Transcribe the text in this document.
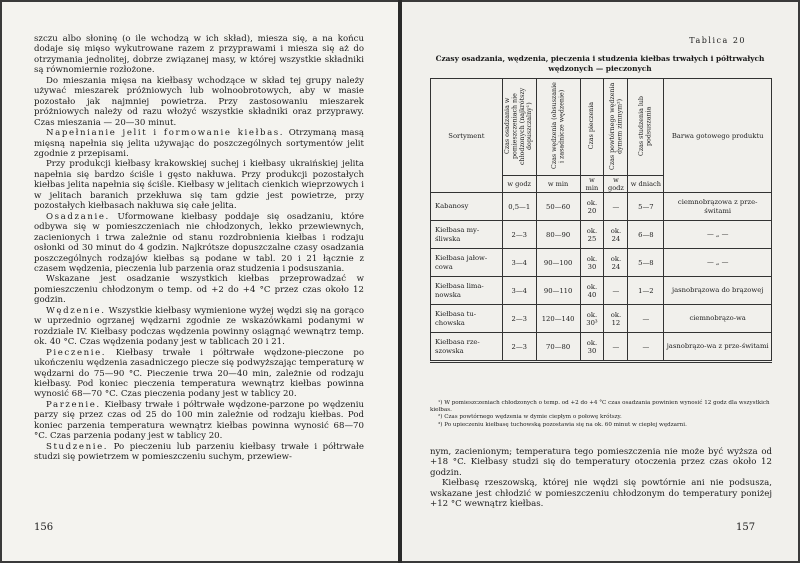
szczu albo słoninę (o ile wchodzą w ich skład), miesza się, a na końcu dodaje się mięso wykutrowane razem z przyprawami i miesza się aż do otrzymania jednolitej, dobrze związanej masy, w której wszystkie składniki są równomiernie rozłożone.

Do mieszania mięsa na kiełbasy wchodzące w skład tej grupy należy używać mieszarek próżniowych lub wolnoobrotowych, aby w masie pozostało jak najmniej powietrza. Przy zastosowaniu mieszarek próżniowych należy od razu włożyć wszystkie składniki oraz przyprawy. Czas mieszania — 20—30 minut.

Napełnianie jelit i formowanie kiełbas. Otrzymaną masą mięsną napełnia się jelita używając do poszczególnych sortymentów jelit zgodnie z przepisami.

Przy produkcji kiełbasy krakowskiej suchej i kiełbasy ukraińskiej jelita napełnia się bardzo ściśle i gęsto nakłuwa. Przy produkcji pozostałych kiełbas jelita napełnia się ściśle. Kiełbasy w jelitach cienkich wieprzowych i w jelitach baranich przekłuwa się tam gdzie jest powietrze, przy pozostałych kiełbasach nakłuwa się całe jelita.

Osadzanie. Uformowane kiełbasy poddaje się osadzaniu, które odbywa się w pomieszczeniach nie chłodzonych, lekko przewiewnych, zacienionych i trwa zależnie od stanu rozdrobnienia kiełbas i rodzaju osłonki od 30 minut do 4 godzin. Najkrótsze dopuszczalne czasy osadzania poszczególnych rodzajów kiełbas są podane w tabl. 20 i 21 łącznie z czasem wędzenia, pieczenia lub parzenia oraz studzenia i podsuszania.

Wskazane jest osadzanie wszystkich kiełbas przeprowadzać w pomieszczeniu chłodzonym o temp. od +2 do +4 °C przez czas około 12 godzin.

Wędzenie. Wszystkie kiełbasy wymienione wyżej wędzi się na gorąco w uprzednio ogrzanej wędzarni zgodnie ze wskazówkami podanymi w rozdziale IV. Kiełbasy podczas wędzenia powinny osiągnąć wewnątrz temp. ok. 40 °C. Czas wędzenia podany jest w tablicach 20 i 21.

Pieczenie. Kiełbasy trwałe i półtrwałe wędzone-pieczone po ukończeniu wędzenia zasadniczego piecze się podwyższając temperaturę w wędzarni do 75—90 °C. Pieczenie trwa 20—40 min, zależnie od rodzaju kiełbasy. Pod koniec pieczenia temperatura wewnątrz kiełbas powinna wynosić 68—70 °C. Czas pieczenia podany jest w tablicy 20.

Parzenie. Kiełbasy trwałe i półtrwałe wędzone-parzone po wędzeniu parzy się przez czas od 25 do 100 min zależnie od rodzaju kiełbas. Pod koniec parzenia temperatura wewnątrz kiełbas powinna wynosić 68—70 °C. Czas parzenia podany jest w tablicy 20.

Studzenie. Po pieczeniu lub parzeniu kiełbasy trwałe i półtrwałe studzi się powietrzem w pomieszczeniu suchym, przewiew-

156
Tablica 20
Czasy osadzania, wędzenia, pieczenia i studzenia kiełbas trwałych i półtrwałych wędzonych — pieczonych
Sortyment	Czas osadzania w pomieszczeniach nie chłodzonych (najkrótszy dopuszczalny¹)	Czas wędzenia (obsuszanie i zasadnicze wędzenie)	Czas pieczenia	Czas powtórnego wędzenia dymem zimnym²)	Czas studzenia lub podsuszania	Barwa gotowego produktu
	w godz	w min	w min	w godz	w dniach	
Kabanosy	0,5—1	50—60	ok. 20	—	5—7	ciemnobrązowa z prze-świtami
Kiełbasa my-śliwska	2—3	80—90	ok. 25	ok. 24	6—8	— „ —
Kiełbasa jałow-cowa	3—4	90—100	ok. 30	ok. 24	5—8	— „ —
Kiełbasa lima-nowska	3—4	90—110	ok. 40	—	1—2	jasnobrązowa do brązowej
Kiełbasa tu-chowska	2—3	120—140	ok. 30³	ok. 12	—	ciemnobrązo-wa
Kiełbasa rze-szowska	2—3	70—80	ok. 30	—	—	jasnobrązo-wa z prze-świtami

¹) W pomieszczeniach chłodzonych o temp. od +2 do +4 °C czas osadzania powinien wynosić 12 godz dla wszystkich kiełbas.

²) Czas powtórnego wędzenia w dymie ciepłym o połowę krótszy.

³) Po upieczeniu kiełbasę tuchowską pozostawia się na ok. 60 minut w ciepłej wędzarni.

nym, zacienionym; temperatura tego pomieszczenia nie może być wyższa od +18 °C. Kiełbasy studzi się do temperatury otoczenia przez czas około 12 godzin.

Kiełbasę rzeszowską, której nie wędzi się powtórnie ani nie podsusza, wskazane jest chłodzić w pomieszczeniu chłodzonym do temperatury poniżej +12 °C wewnątrz kiełbas.

157
